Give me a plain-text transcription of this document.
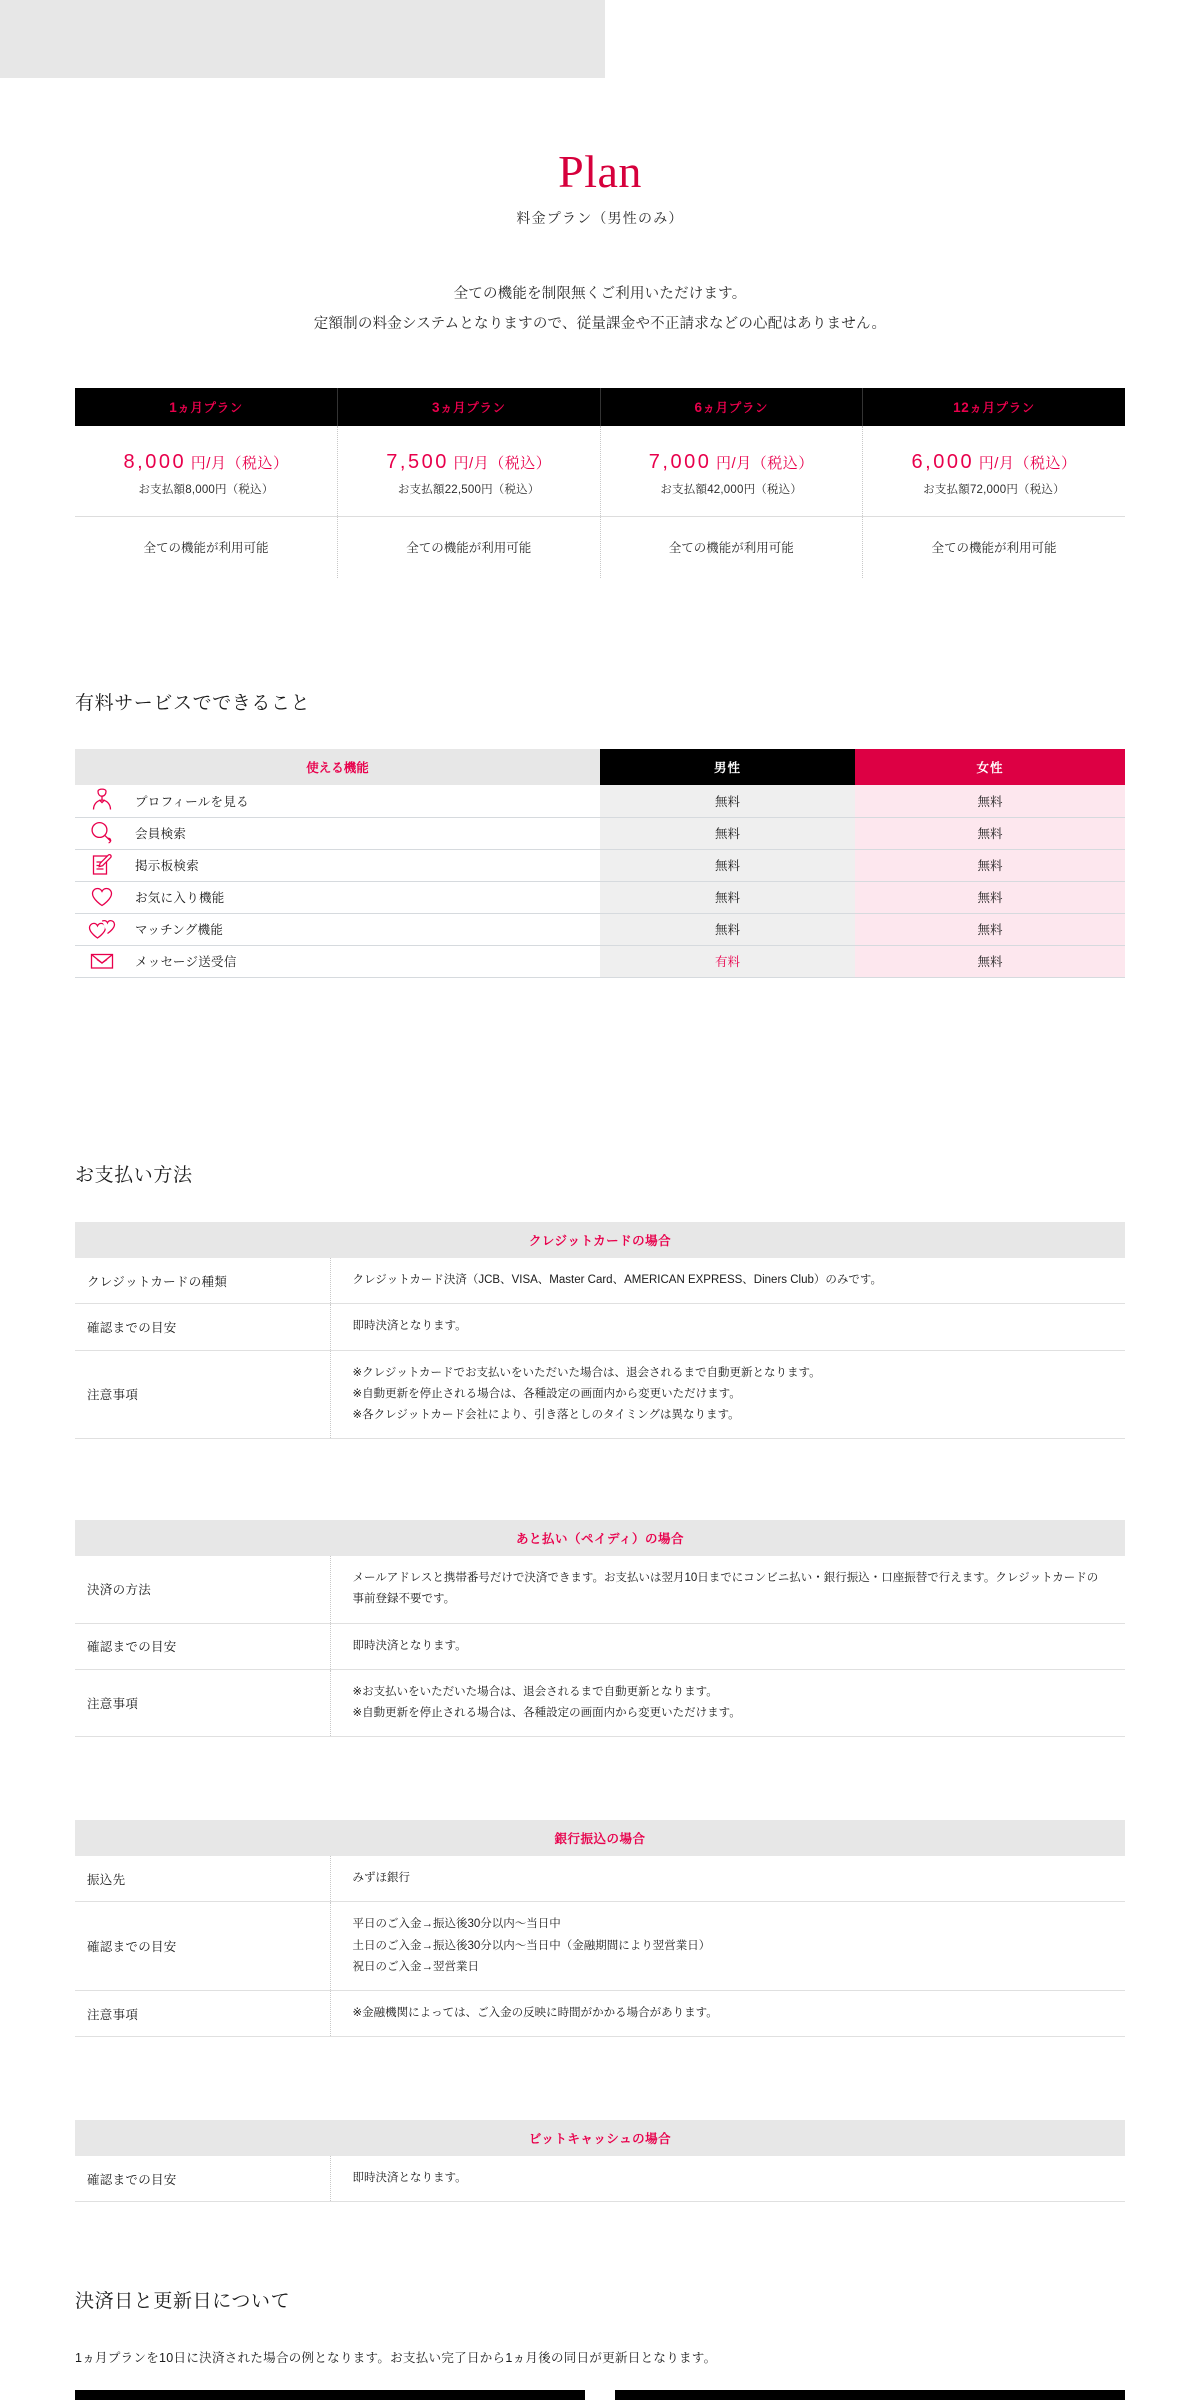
Plan
料金プラン（男性のみ）

全ての機能を制限無くご利用いただけます。

定額制の料金システムとなりますので、従量課金や不正請求などの心配はありません。

1ヵ月プラン	3ヵ月プラン	6ヵ月プラン	12ヵ月プラン

8,000 円/月（税込）
お支払額8,000円（税込）

7,500 円/月（税込）
お支払額22,500円（税込）

7,000 円/月（税込）
お支払額42,000円（税込）

6,000 円/月（税込）
お支払額72,000円（税込）

全ての機能が利用可能	全ての機能が利用可能	全ての機能が利用可能	全ての機能が利用可能
有料サービスでできること
使える機能	男性	女性

プロフィールを見る	無料	無料

会員検索	無料	無料

掲示板検索	無料	無料

お気に入り機能	無料	無料

マッチング機能	無料	無料

メッセージ送受信	有料	無料
お支払い方法
クレジットカードの場合	
クレジットカードの種類	クレジットカード決済（JCB、VISA、Master Card、AMERICAN EXPRESS、Diners Club）のみです。

確認までの目安	即時決済となります。

注意事項	※クレジットカードでお支払いをいただいた場合は、退会されるまで自動更新となります。
※自動更新を停止される場合は、各種設定の画面内から変更いただけます。
※各クレジットカード会社により、引き落としのタイミングは異なります。
あと払い（ペイディ）の場合	
決済の方法	メールアドレスと携帯番号だけで決済できます。お支払いは翌月10日までにコンビニ払い・銀行振込・口座振替で行えます。クレジットカードの
事前登録不要です。

確認までの目安	即時決済となります。

注意事項	※お支払いをいただいた場合は、退会されるまで自動更新となります。
※自動更新を停止される場合は、各種設定の画面内から変更いただけます。
銀行振込の場合	
振込先	みずほ銀行

確認までの目安	平日のご入金→振込後30分以内～当日中
土日のご入金→振込後30分以内～当日中（金融期間により翌営業日）
祝日のご入金→翌営業日

注意事項	※金融機関によっては、ご入金の反映に時間がかかる場合があります。
ビットキャッシュの場合
確認までの目安	即時決済となります。
決済日と更新日について
1ヵ月プランを10日に決済された場合の例となります。お支払い完了日から1ヵ月後の同日が更新日となります。
